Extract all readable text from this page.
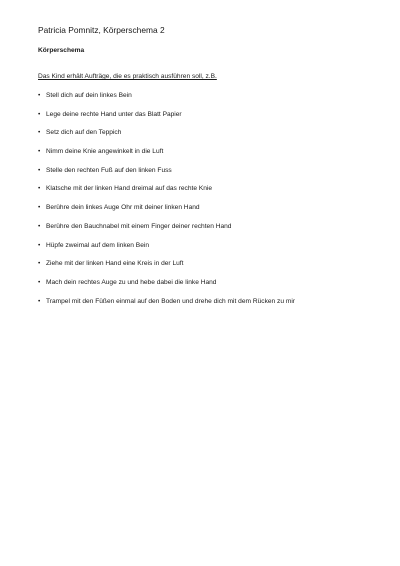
Patricia Pomnitz, Körperschema 2
Körperschema
Das Kind erhält Aufträge, die es praktisch ausführen soll, z.B.
• Stell dich auf dein linkes Bein
• Lege deine rechte Hand unter das Blatt Papier
• Setz dich auf den Teppich
• Nimm deine Knie angewinkelt in die Luft
• Stelle den rechten Fuß auf den linken Fuss
• Klatsche mit der linken Hand dreimal auf das rechte Knie
• Berühre dein linkes Auge Ohr mit deiner linken Hand
• Berühre den Bauchnabel mit einem Finger deiner rechten Hand
• Hüpfe zweimal auf dem linken Bein
• Ziehe mit der linken Hand eine Kreis in der Luft
• Mach dein rechtes Auge zu und hebe dabei die linke Hand
• Trampel mit den Füßen einmal auf den Boden und drehe dich mit dem Rücken zu mir
